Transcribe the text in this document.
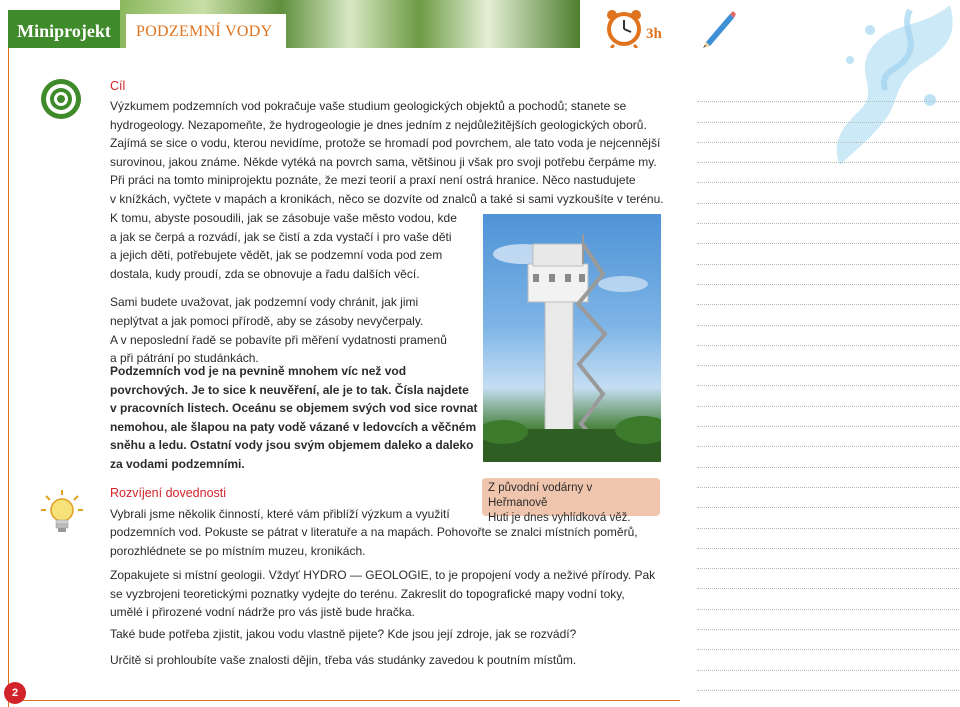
Miniprojekt	PODZEMNÍ VODY	3h
2
Cíl
Výzkumem podzemních vod pokračuje vaše studium geologických objektů a pochodů; stanete se
hydrogeology. Nezapomeňte, že hydrogeologie je dnes jedním z nejdůležitějších geologických oborů.
Zajímá se sice o vodu, kterou nevidíme, protože se hromadí pod povrchem, ale tato voda je nejcennější
surovinou, jakou známe. Někde vytéká na povrch sama, většinou ji však pro svoji potřebu čerpáme my.
Při práci na tomto miniprojektu poznáte, že mezi teorií a praxí není ostrá hranice. Něco nastudujete
v knížkách, vyčtete v mapách a kronikách, něco se dozvíte od znalců a také si sami vyzkoušíte v terénu.
K tomu, abyste posoudili, jak se zásobuje vaše město vodou, kde
a jak se čerpá a rozvádí, jak se čistí a zda vystačí i pro vaše děti
a jejich děti, potřebujete vědět, jak se podzemní voda pod zem
dostala, kudy proudí, zda se obnovuje a řadu dalších věcí.
Sami budete uvažovat, jak podzemní vody chránit, jak jimi
neplýtvat a jak pomoci přírodě, aby se zásoby nevyčerpaly.
A v neposlední řadě se pobavíte při měření vydatnosti pramenů
a při pátrání po studánkách.
Podzemních vod je na pevnině mnohem víc než vod
povrchových. Je to sice k neuvěření, ale je to tak. Čísla najdete
v pracovních listech. Oceánu se objemem svých vod sice rovnat
nemohou, ale šlapou na paty vodě vázané v ledovcích a věčném
sněhu a ledu. Ostatní vody jsou svým objemem daleko a daleko
za vodami podzemními.
Z původní vodárny v Heřmanově
Huti je dnes vyhlídková věž.
Rozvíjení dovednosti
Vybrali jsme několik činností, které vám přiblíží výzkum a využití
podzemních vod. Pokuste se pátrat v literatuře a na mapách. Pohovořte se znalci místních poměrů,
porozhlédnete se po místním muzeu, kronikách.
Zopakujete si místní geologii. Vždyť HYDRO — GEOLOGIE, to je propojení vody a neživé přírody. Pak
se vyzbrojeni teoretickými poznatky vydejte do terénu. Zakreslit do topografické mapy vodní toky,
umělé i přirozené vodní nádrže pro vás jistě bude hračka.
Také bude potřeba zjistit, jakou vodu vlastně pijete? Kde jsou její zdroje, jak se rozvádí?
Určitě si prohloubíte vaše znalosti dějin, třeba vás studánky zavedou k poutním místům.
